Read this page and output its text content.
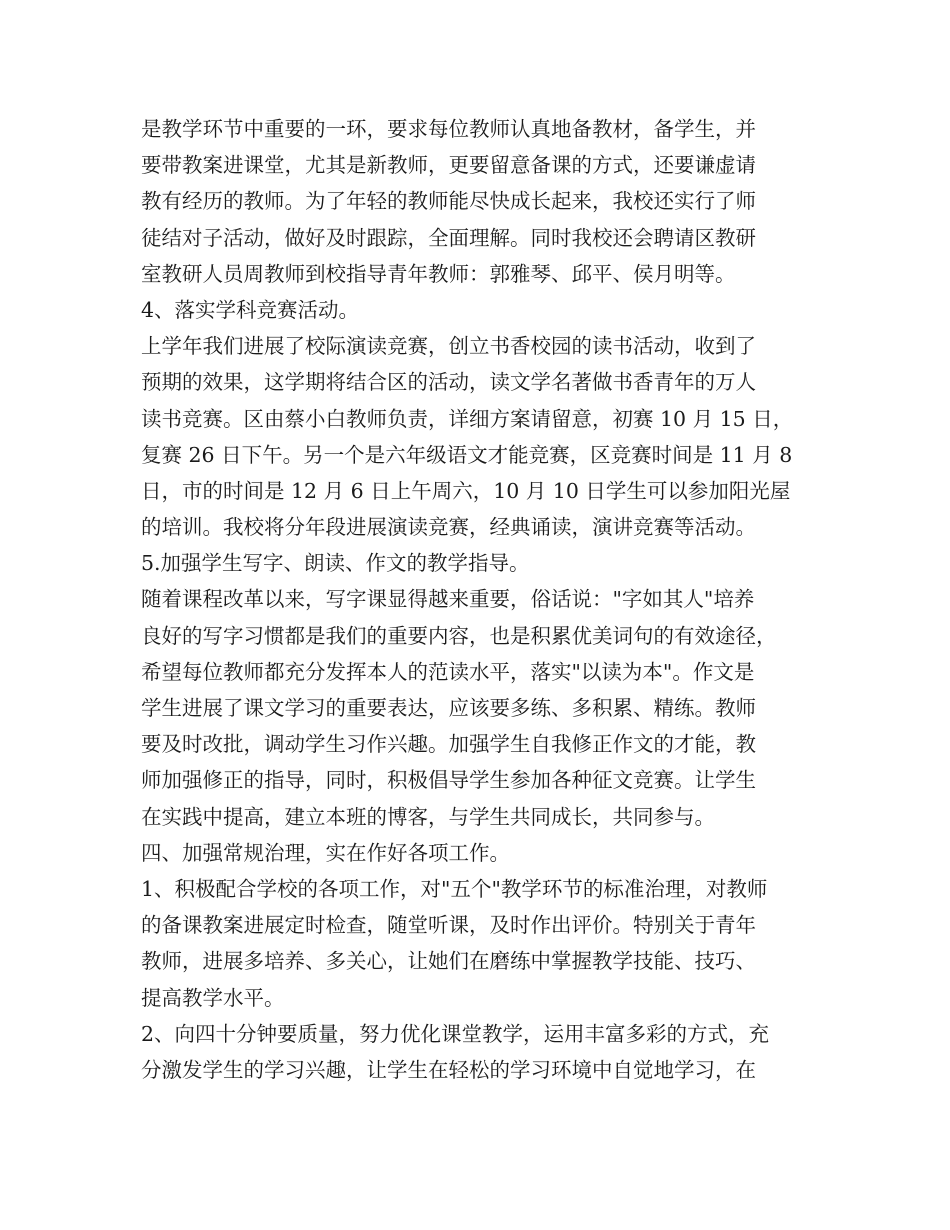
是教学环节中重要的一环，要求每位教师认真地备教材，备学生，并
要带教案进课堂，尤其是新教师，更要留意备课的方式，还要谦虚请
教有经历的教师。为了年轻的教师能尽快成长起来，我校还实行了师
徒结对子活动，做好及时跟踪，全面理解。同时我校还会聘请区教研
室教研人员周教师到校指导青年教师：郭雅琴、邱平、侯月明等。
4、落实学科竞赛活动。
上学年我们进展了校际演读竞赛，创立书香校园的读书活动，收到了
预期的效果，这学期将结合区的活动，读文学名著做书香青年的万人
读书竞赛。区由蔡小白教师负责，详细方案请留意，初赛 10 月 15 日，
复赛 26 日下午。另一个是六年级语文才能竞赛，区竞赛时间是 11 月 8
日，市的时间是 12 月 6 日上午周六，10 月 10 日学生可以参加阳光屋
的培训。我校将分年段进展演读竞赛，经典诵读，演讲竞赛等活动。
5.加强学生写字、朗读、作文的教学指导。
随着课程改革以来，写字课显得越来重要，俗话说："字如其人"培养
良好的写字习惯都是我们的重要内容，也是积累优美词句的有效途径，
希望每位教师都充分发挥本人的范读水平，落实"以读为本"。作文是
学生进展了课文学习的重要表达，应该要多练、多积累、精练。教师
要及时改批，调动学生习作兴趣。加强学生自我修正作文的才能，教
师加强修正的指导，同时，积极倡导学生参加各种征文竞赛。让学生
在实践中提高，建立本班的博客，与学生共同成长，共同参与。
四、加强常规治理，实在作好各项工作。
1、积极配合学校的各项工作，对"五个"教学环节的标准治理，对教师
的备课教案进展定时检查，随堂听课，及时作出评价。特别关于青年
教师，进展多培养、多关心，让她们在磨练中掌握教学技能、技巧、
提高教学水平。
2、向四十分钟要质量，努力优化课堂教学，运用丰富多彩的方式，充
分激发学生的学习兴趣，让学生在轻松的学习环境中自觉地学习，在
